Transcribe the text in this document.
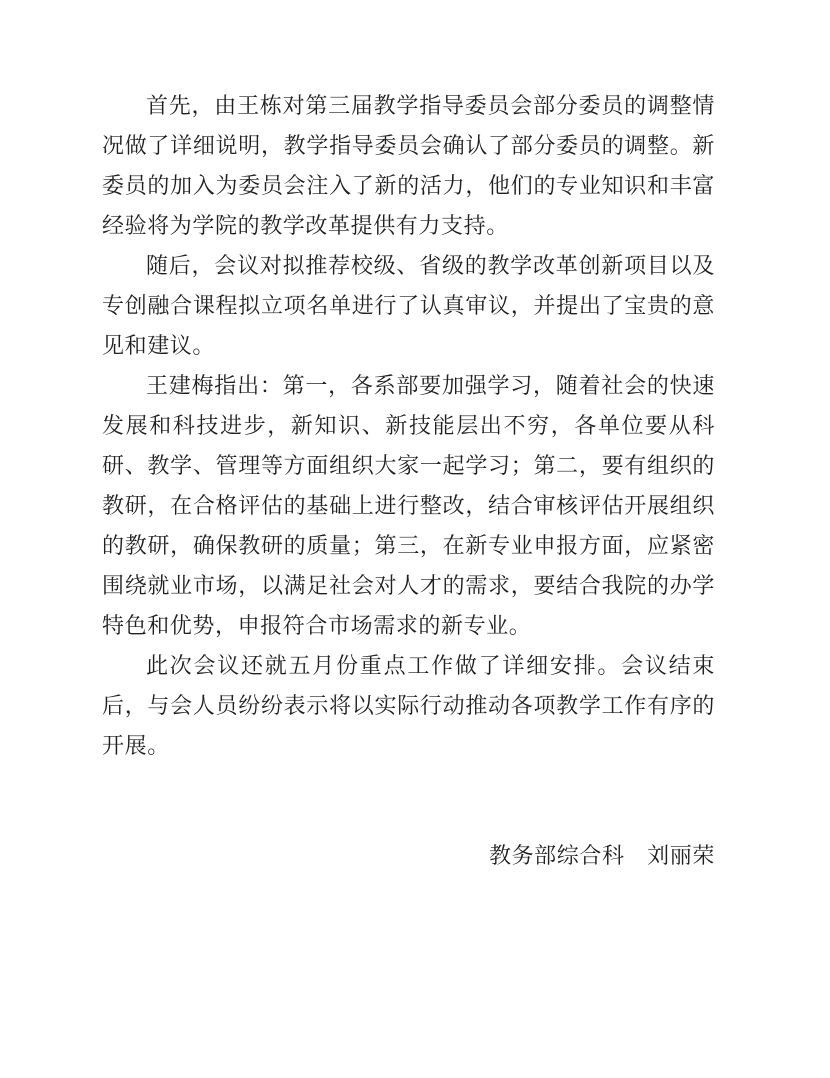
首先，由王栋对第三届教学指导委员会部分委员的调整情况做了详细说明，教学指导委员会确认了部分委员的调整。新委员的加入为委员会注入了新的活力，他们的专业知识和丰富经验将为学院的教学改革提供有力支持。

随后，会议对拟推荐校级、省级的教学改革创新项目以及专创融合课程拟立项名单进行了认真审议，并提出了宝贵的意见和建议。

王建梅指出：第一，各系部要加强学习，随着社会的快速发展和科技进步，新知识、新技能层出不穷，各单位要从科研、教学、管理等方面组织大家一起学习；第二，要有组织的教研，在合格评估的基础上进行整改，结合审核评估开展组织的教研，确保教研的质量；第三，在新专业申报方面，应紧密围绕就业市场，以满足社会对人才的需求，要结合我院的办学特色和优势，申报符合市场需求的新专业。

此次会议还就五月份重点工作做了详细安排。会议结束后，与会人员纷纷表示将以实际行动推动各项教学工作有序的开展。

教务部综合科　刘丽荣
